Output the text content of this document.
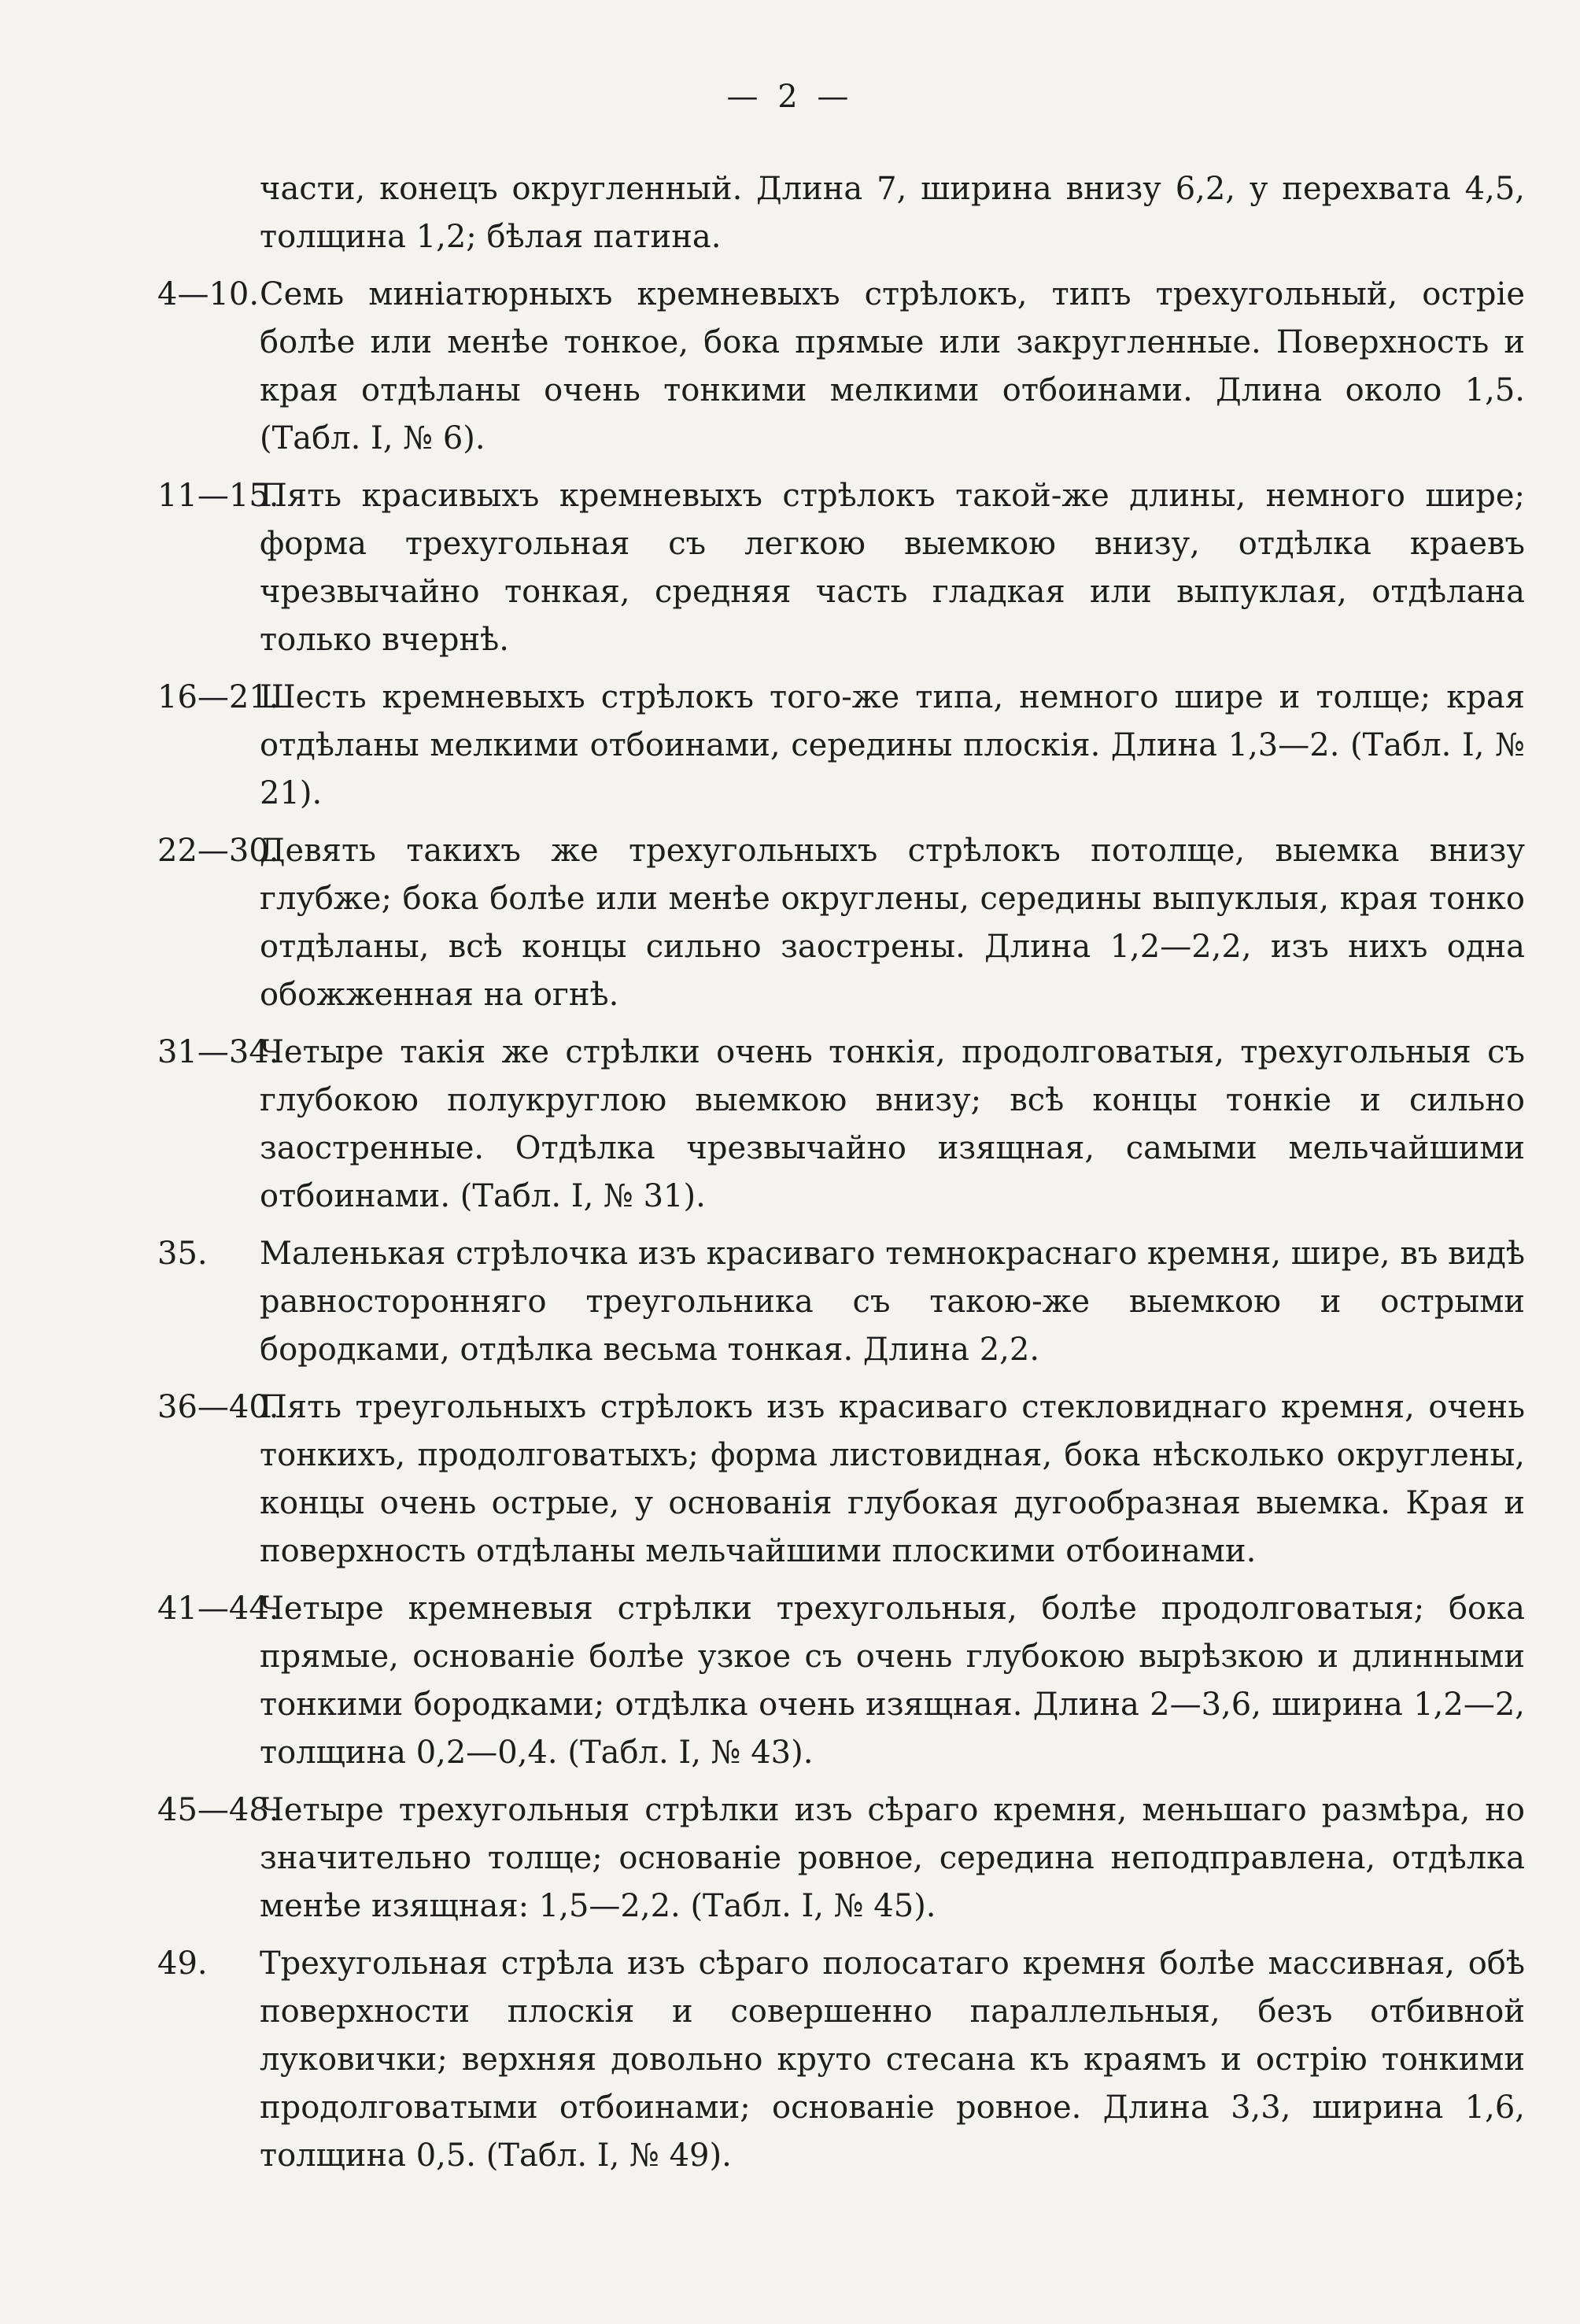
— 2 —
части, конецъ округленный. Длина 7, ширина внизу 6,2, у перехвата 4,5, толщина 1,2; бѣлая патина.
4—10. Семь миніатюрныхъ кремневыхъ стрѣлокъ, типъ трехугольный, остріе болѣе или менѣе тонкое, бока прямые или закругленные. Поверхность и края отдѣланы очень тонкими мелкими отбоинами. Длина около 1,5. (Табл. I, № 6).
11—15.
Пять красивыхъ кремневыхъ стрѣлокъ такой-же длины, немного шире; форма трехугольная съ легкою выемкою внизу, отдѣлка краевъ чрезвычайно тонкая, средняя часть гладкая или выпуклая, отдѣлана только вчернѣ.
16—21.
Шесть кремневыхъ стрѣлокъ того-же типа, немного шире и толще; края отдѣланы мелкими отбоинами, середины плоскія. Длина 1,3—2. (Табл. I, № 21).
22—30.
Девять такихъ же трехугольныхъ стрѣлокъ потолще, выемка внизу глубже; бока болѣе или менѣе округлены, середины выпуклыя, края тонко отдѣланы, всѣ концы сильно заострены. Длина 1,2—2,2, изъ нихъ одна обожженная на огнѣ.
31—34.
Четыре такія же стрѣлки очень тонкія, продолговатыя, трехугольныя съ глубокою полукруглою выемкою внизу; всѣ концы тонкіе и сильно заостренные. Отдѣлка чрезвычайно изящная, самыми мельчайшими отбоинами. (Табл. I, № 31).
35. Маленькая стрѣлочка изъ красиваго темнокраснаго кремня, шире, въ видѣ равносторонняго треугольника съ такою-же выемкою и острыми бородками, отдѣлка весьма тонкая. Длина 2,2.
36—40.
Пять треугольныхъ стрѣлокъ изъ красиваго стекловиднаго кремня, очень тонкихъ, продолговатыхъ; форма листовидная, бока нѣсколько округлены, концы очень острые, у основанія глубокая дугообразная выемка. Края и поверхность отдѣланы мельчайшими плоскими отбоинами.
41—44.
Четыре кремневыя стрѣлки трехугольныя, болѣе продолговатыя; бока прямые, основаніе болѣе узкое съ очень глубокою вырѣзкою и длинными тонкими бородками; отдѣлка очень изящная. Длина 2—3,6, ширина 1,2—2, толщина 0,2—0,4. (Табл. I, № 43).
45—48.
Четыре трехугольныя стрѣлки изъ сѣраго кремня, меньшаго размѣра, но значительно толще; основаніе ровное, середина неподправлена, отдѣлка менѣе изящная: 1,5—2,2. (Табл. I, № 45).
49. Трехугольная стрѣла изъ сѣраго полосатаго кремня болѣе массивная, обѣ поверхности плоскія и совершенно параллельныя, безъ отбивной луковички; верхняя довольно круто стесана къ краямъ и острію тонкими продолговатыми отбоинами; основаніе ровное. Длина 3,3, ширина 1,6, толщина 0,5. (Табл. I, № 49).
